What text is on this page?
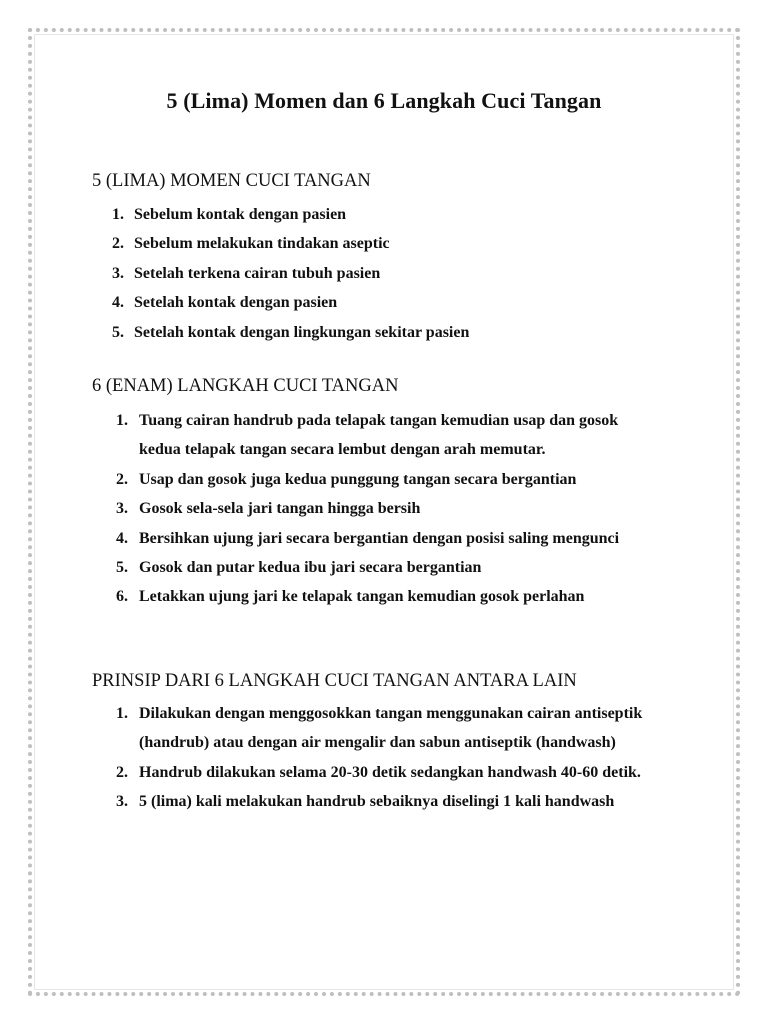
5 (Lima) Momen dan 6 Langkah Cuci Tangan
5 (LIMA) MOMEN CUCI TANGAN
1. Sebelum kontak dengan pasien
2. Sebelum melakukan tindakan aseptic
3. Setelah terkena cairan tubuh pasien
4. Setelah kontak dengan pasien
5. Setelah kontak dengan lingkungan sekitar pasien
6 (ENAM) LANGKAH CUCI TANGAN
1. Tuang cairan handrub pada telapak tangan kemudian usap dan gosok kedua telapak tangan secara lembut dengan arah memutar.
2. Usap dan gosok juga kedua punggung tangan secara bergantian
3. Gosok sela-sela jari tangan hingga bersih
4. Bersihkan ujung jari secara bergantian dengan posisi saling mengunci
5. Gosok dan putar kedua ibu jari secara bergantian
6. Letakkan ujung jari ke telapak tangan kemudian gosok perlahan
PRINSIP DARI 6 LANGKAH CUCI TANGAN ANTARA LAIN
1. Dilakukan dengan menggosokkan tangan menggunakan cairan antiseptik (handrub) atau dengan air mengalir dan sabun antiseptik (handwash)
2. Handrub dilakukan selama 20-30 detik sedangkan handwash 40-60 detik.
3. 5 (lima) kali melakukan handrub sebaiknya diselingi 1 kali handwash
